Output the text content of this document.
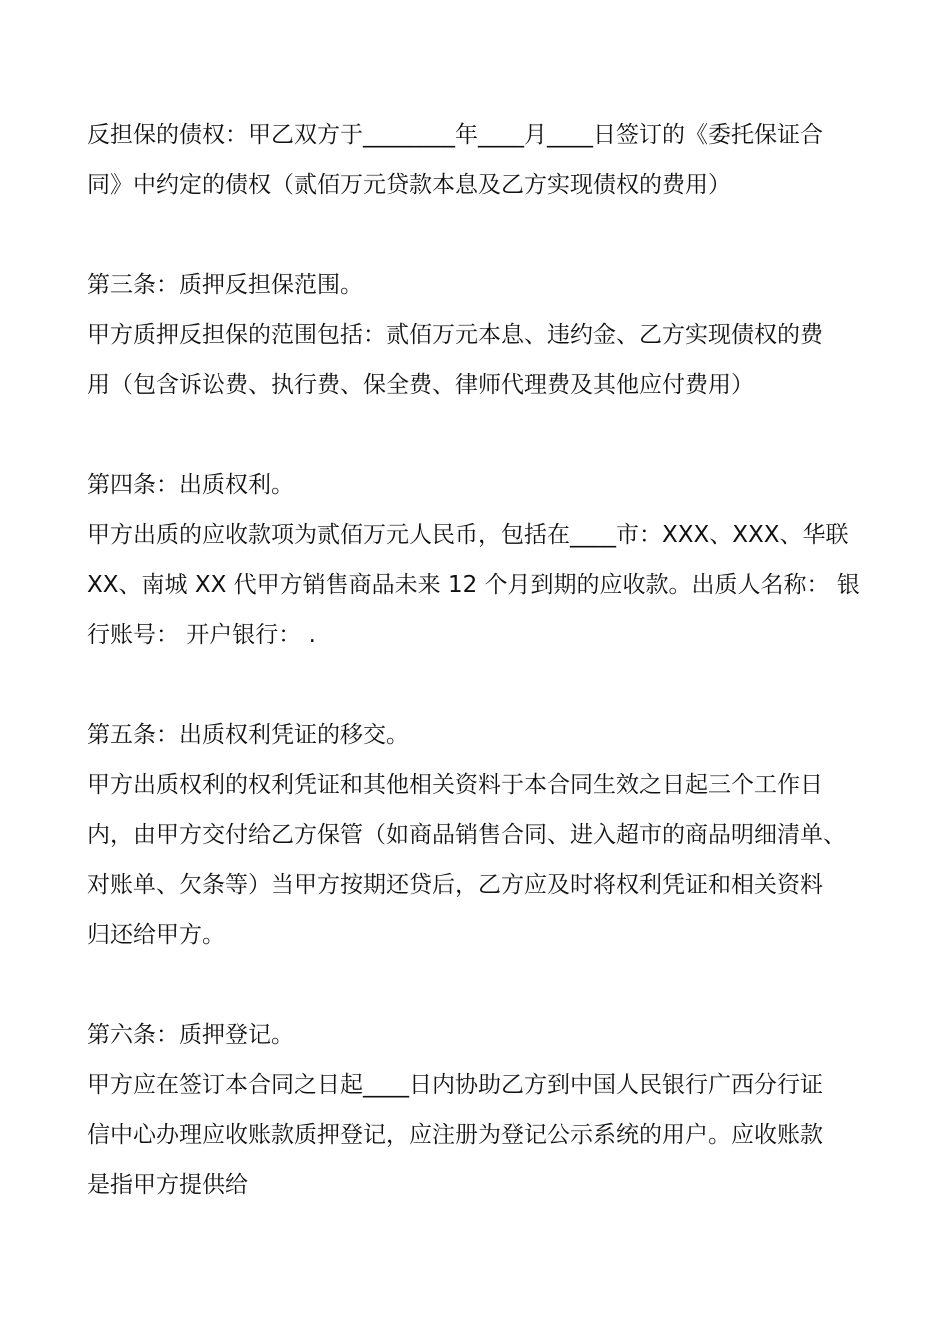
反担保的债权：甲乙双方于________年____月____日签订的《委托保证合
同》中约定的债权（贰佰万元贷款本息及乙方实现债权的费用）
第三条：质押反担保范围。
甲方质押反担保的范围包括：贰佰万元本息、违约金、乙方实现债权的费
用（包含诉讼费、执行费、保全费、律师代理费及其他应付费用）
第四条：出质权利。
甲方出质的应收款项为贰佰万元人民币，包括在____市：XXX、XXX、华联
XX、南城 XX 代甲方销售商品未来 12 个月到期的应收款。出质人名称： 银
行账号： 开户银行： .
第五条：出质权利凭证的移交。
甲方出质权利的权利凭证和其他相关资料于本合同生效之日起三个工作日
内，由甲方交付给乙方保管（如商品销售合同、进入超市的商品明细清单、
对账单、欠条等）当甲方按期还贷后，乙方应及时将权利凭证和相关资料
归还给甲方。
第六条：质押登记。
甲方应在签订本合同之日起____日内协助乙方到中国人民银行广西分行证
信中心办理应收账款质押登记，应注册为登记公示系统的用户。应收账款
是指甲方提供给
